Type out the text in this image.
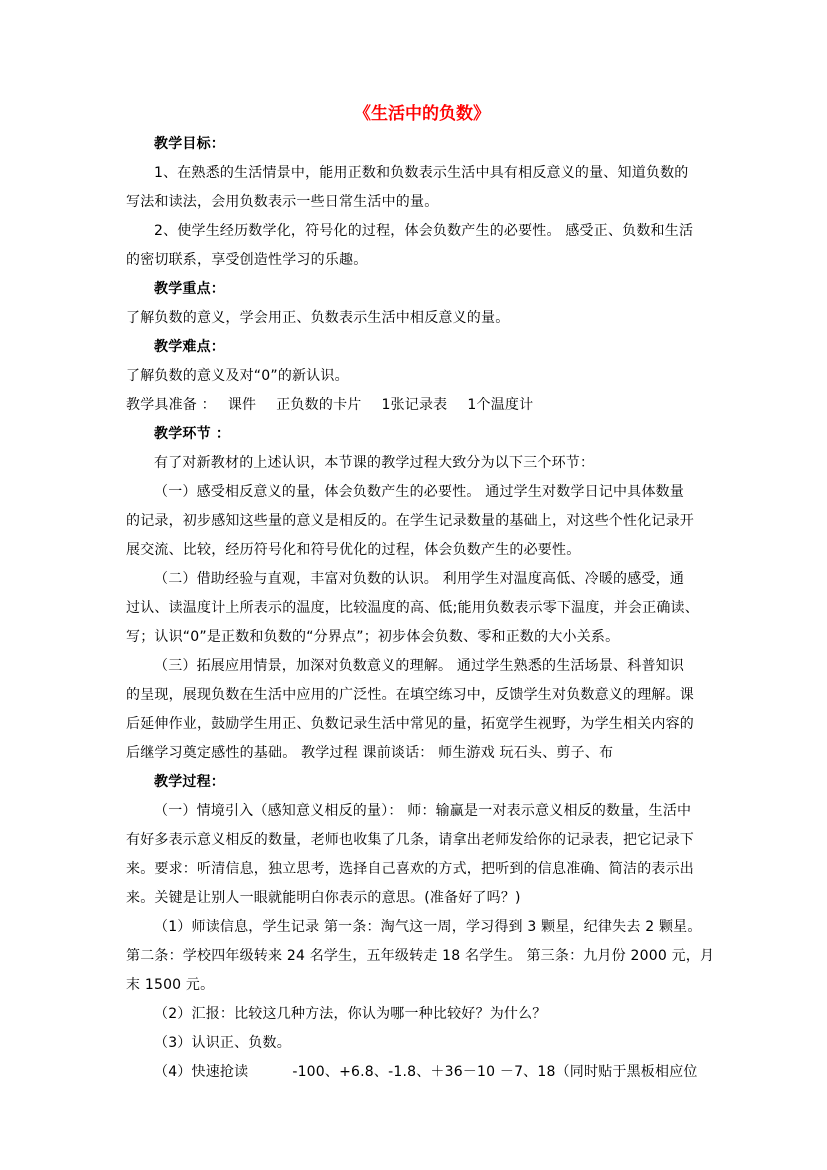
《生活中的负数》
教学目标：
1、在熟悉的生活情景中，能用正数和负数表示生活中具有相反意义的量、知道负数的
写法和读法，会用负数表示一些日常生活中的量。
2、使学生经历数学化，符号化的过程，体会负数产生的必要性。 感受正、负数和生活
的密切联系，享受创造性学习的乐趣。
教学重点：
了解负数的意义，学会用正、负数表示生活中相反意义的量。
教学难点：
了解负数的意义及对“0”的新认识。
教学具准备 ： 课件 正负数的卡片 1张记录表 1个温度计
教学环节 ：
有了对新教材的上述认识，本节课的教学过程大致分为以下三个环节：
（一）感受相反意义的量，体会负数产生的必要性。 通过学生对数学日记中具体数量
的记录，初步感知这些量的意义是相反的。在学生记录数量的基础上，对这些个性化记录开
展交流、比较，经历符号化和符号优化的过程，体会负数产生的必要性。
（二）借助经验与直观，丰富对负数的认识。 利用学生对温度高低、冷暖的感受，通
过认、读温度计上所表示的温度，比较温度的高、低;能用负数表示零下温度，并会正确读、
写；认识“0”是正数和负数的“分界点”；初步体会负数、零和正数的大小关系。
（三）拓展应用情景，加深对负数意义的理解。 通过学生熟悉的生活场景、科普知识
的呈现，展现负数在生活中应用的广泛性。在填空练习中，反馈学生对负数意义的理解。课
后延伸作业，鼓励学生用正、负数记录生活中常见的量，拓宽学生视野，为学生相关内容的
后继学习奠定感性的基础。 教学过程 课前谈话： 师生游戏 玩石头、剪子、布
教学过程：
（一）情境引入（感知意义相反的量）： 师：输赢是一对表示意义相反的数量，生活中
有好多表示意义相反的数量，老师也收集了几条，请拿出老师发给你的记录表，把它记录下
来。要求：听清信息，独立思考，选择自己喜欢的方式，把听到的信息准确、简洁的表示出
来。关键是让别人一眼就能明白你表示的意思。(准备好了吗？)
（1）师读信息，学生记录 第一条：淘气这一周，学习得到 3 颗星，纪律失去 2 颗星。
第二条：学校四年级转来 24 名学生，五年级转走 18 名学生。 第三条：九月份 2000 元，月
末 1500 元。
（2）汇报：比较这几种方法，你认为哪一种比较好？为什么？
（3）认识正、负数。
（4）快速抢读	-100、+6.8、-1.8、＋36－10 －7、18（同时贴于黑板相应位
